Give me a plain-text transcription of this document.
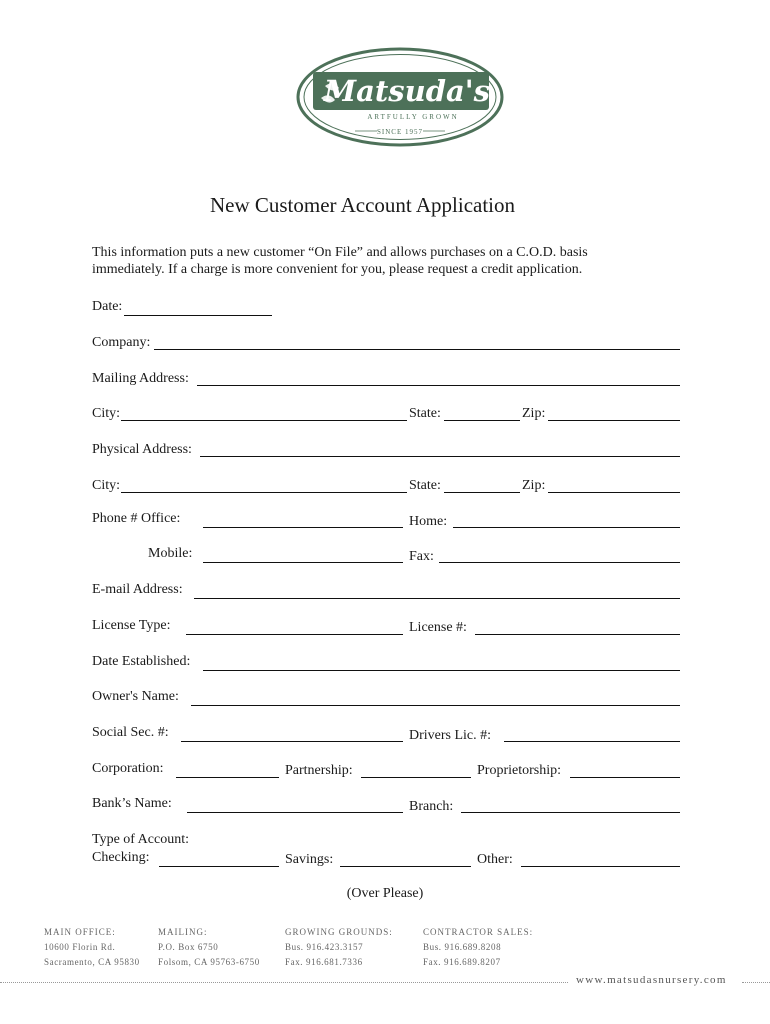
Matsuda's
ARTFULLY GROWN
SINCE 1957
New Customer Account Application
This information puts a new customer “On File” and allows purchases on a C.O.D. basis
immediately. If a charge is more convenient for you, please request a credit application.
Date:
Company:
Mailing Address:
City:	State:	Zip:
Physical Address:
City:	State:	Zip:
Phone # Office:	Home:
Mobile:	Fax:
E-mail Address:
License Type:	License #:
Date Established:
Owner's Name:
Social Sec. #:	Drivers Lic. #:
Corporation:	Partnership:	Proprietorship:
Bank’s Name:	Branch:
Type of Account:
Checking:	Savings:	Other:
(Over Please)
MAIN OFFICE:
10600 Florin Rd.
Sacramento, CA 95830
MAILING:
P.O. Box 6750
Folsom, CA 95763-6750
GROWING GROUNDS:
Bus. 916.423.3157
Fax. 916.681.7336
CONTRACTOR SALES:
Bus. 916.689.8208
Fax. 916.689.8207
www.matsudasnursery.com
